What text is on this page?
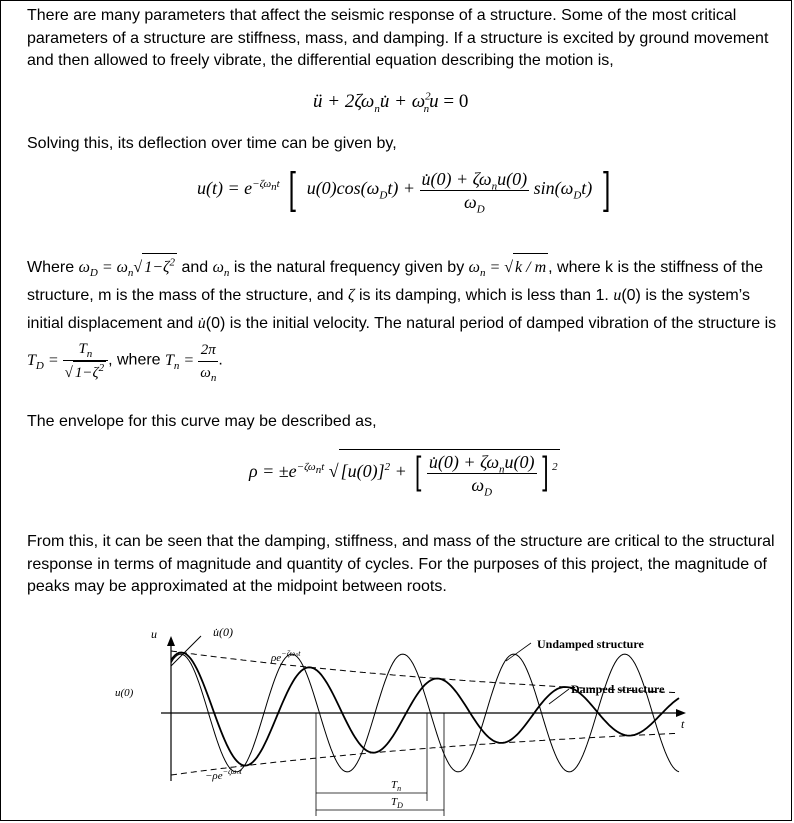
There are many parameters that affect the seismic response of a structure. Some of the most critical parameters of a structure are stiffness, mass, and damping. If a structure is excited by ground movement and then allowed to freely vibrate, the differential equation describing the motion is,

ü + $2\zeta\omega_nu̇ + \omega^2_nu = 0$

Solving this, its deflection over time can be given by,

$u(t) = e^{-\zeta\omega_nt}$ [ $u(0)\cos(\omega_Dt) + \frac{u̇(0) + \zeta\omega_nu(0)}{\omega_D} \sin(\omega_Dt)$ ]
Where $\omega_D = \omega_n√$ $1-\zeta^2$ and $\omega_n$ is the natural frequency given by $\omega_n$ = √ k / m , where k is the stiffness of the structure, m is the mass of the structure, and ζ is its damping, which is less than 1. u(0) is the system’s initial displacement and u̇(0) is the initial velocity. The natural period of damped vibration of the structure is $T_D = \frac{T_n}{√ 1-\zeta^2}$ , where $T_n = \frac{2\pi}{\omega_n}$ .

The envelope for this curve may be described as,

$\rho = \pm e^{-\zeta\omega_nt}$ √ $[u(0)]^2$ + [ $\frac{u̇(0) + \zeta\omega_nu(0)}{\omega_D}$ ] $^2$

From this, it can be seen that the damping, stiffness, and mass of the structure are critical to the structural response in terms of magnitude and quantity of cycles. For the purposes of this project, the magnitude of peaks may be approximated at the midpoint between roots.

u	u̇(0)
u(0)
$\rho e^{-\zeta\omega_nt}$
$-\rho e^{-\zeta\omega_nt}$
Undamped structure
Damped structure
t
$T_n$
$T_D$
